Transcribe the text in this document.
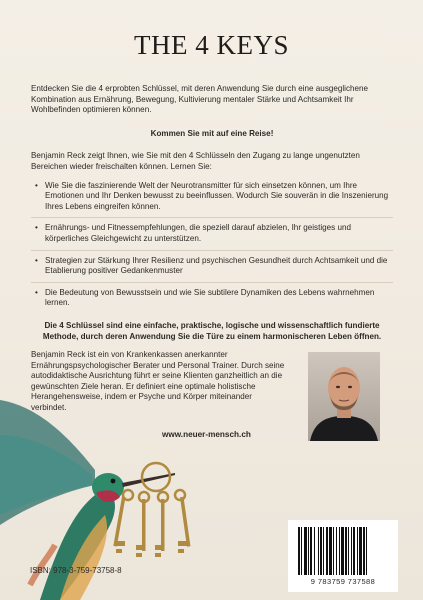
THE 4 KEYS

Entdecken Sie die 4 erprobten Schlüssel, mit deren Anwendung Sie durch eine ausgeglichene Kombination aus Ernährung, Bewegung, Kultivierung mentaler Stärke und Achtsamkeit Ihr Wohlbefinden optimieren können.

Kommen Sie mit auf eine Reise!

Benjamin Reck zeigt Ihnen, wie Sie mit den 4 Schlüsseln den Zugang zu lange ungenutzten Bereichen wieder freischalten können. Lernen Sie:

• Wie Sie die faszinierende Welt der Neurotransmitter für sich einsetzen können, um Ihre Emotionen und Ihr Denken bewusst zu beeinflussen. Wodurch Sie souverän in die Inszenierung Ihres Lebens eingreifen können.
• Ernährungs- und Fitnessempfehlungen, die speziell darauf abzielen, Ihr geistiges und körperliches Gleichgewicht zu unterstützen.
• Strategien zur Stärkung Ihrer Resilienz und psychischen Gesundheit durch Achtsamkeit und die Etablierung positiver Gedankenmuster
• Die Bedeutung von Bewusstsein und wie Sie subtilere Dynamiken des Lebens wahrnehmen lernen.

Die 4 Schlüssel sind eine einfache, praktische, logische und wissenschaftlich fundierte Methode, durch deren Anwendung Sie die Türe zu einem harmonischeren Leben öffnen.

Benjamin Reck ist ein von Krankenkassen anerkannter Ernährungspsychologischer Berater und Personal Trainer. Durch seine autodidaktische Ausrichtung führt er seine Klienten ganzheitlich an die gewünschten Ziele heran. Er definiert eine optimale holistische Herangehensweise, indem er Psyche und Körper miteinander verbindet.

www.neuer-mensch.ch

ISBN: 978-3-759-73758-8

9 783759 737588
